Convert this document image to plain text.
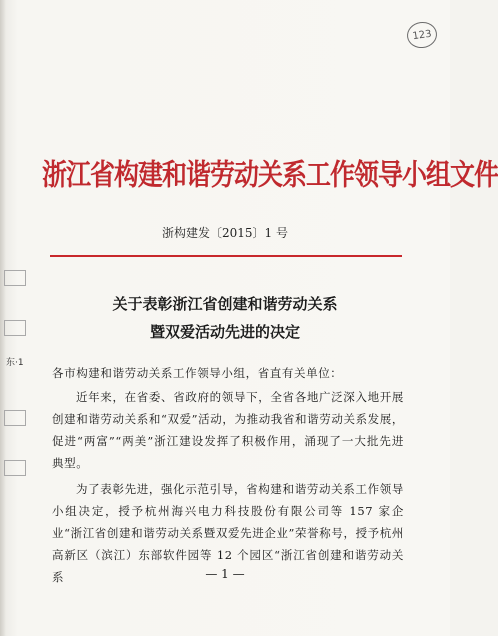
东·1
123
浙江省构建和谐劳动关系工作领导小组文件
浙构建发〔2015〕1 号
关于表彰浙江省创建和谐劳动关系
暨双爱活动先进的决定

各市构建和谐劳动关系工作领导小组，省直有关单位：

近年来，在省委、省政府的领导下，全省各地广泛深入地开展创建和谐劳动关系和“双爱”活动，为推动我省和谐劳动关系发展，促进“两富”“两美”浙江建设发挥了积极作用，涌现了一大批先进典型。

为了表彰先进，强化示范引导，省构建和谐劳动关系工作领导小组决定，授予杭州海兴电力科技股份有限公司等 157 家企业“浙江省创建和谐劳动关系暨双爱先进企业”荣誉称号，授予杭州高新区（滨江）东部软件园等 12 个园区“浙江省创建和谐劳动关系	— 1 —
